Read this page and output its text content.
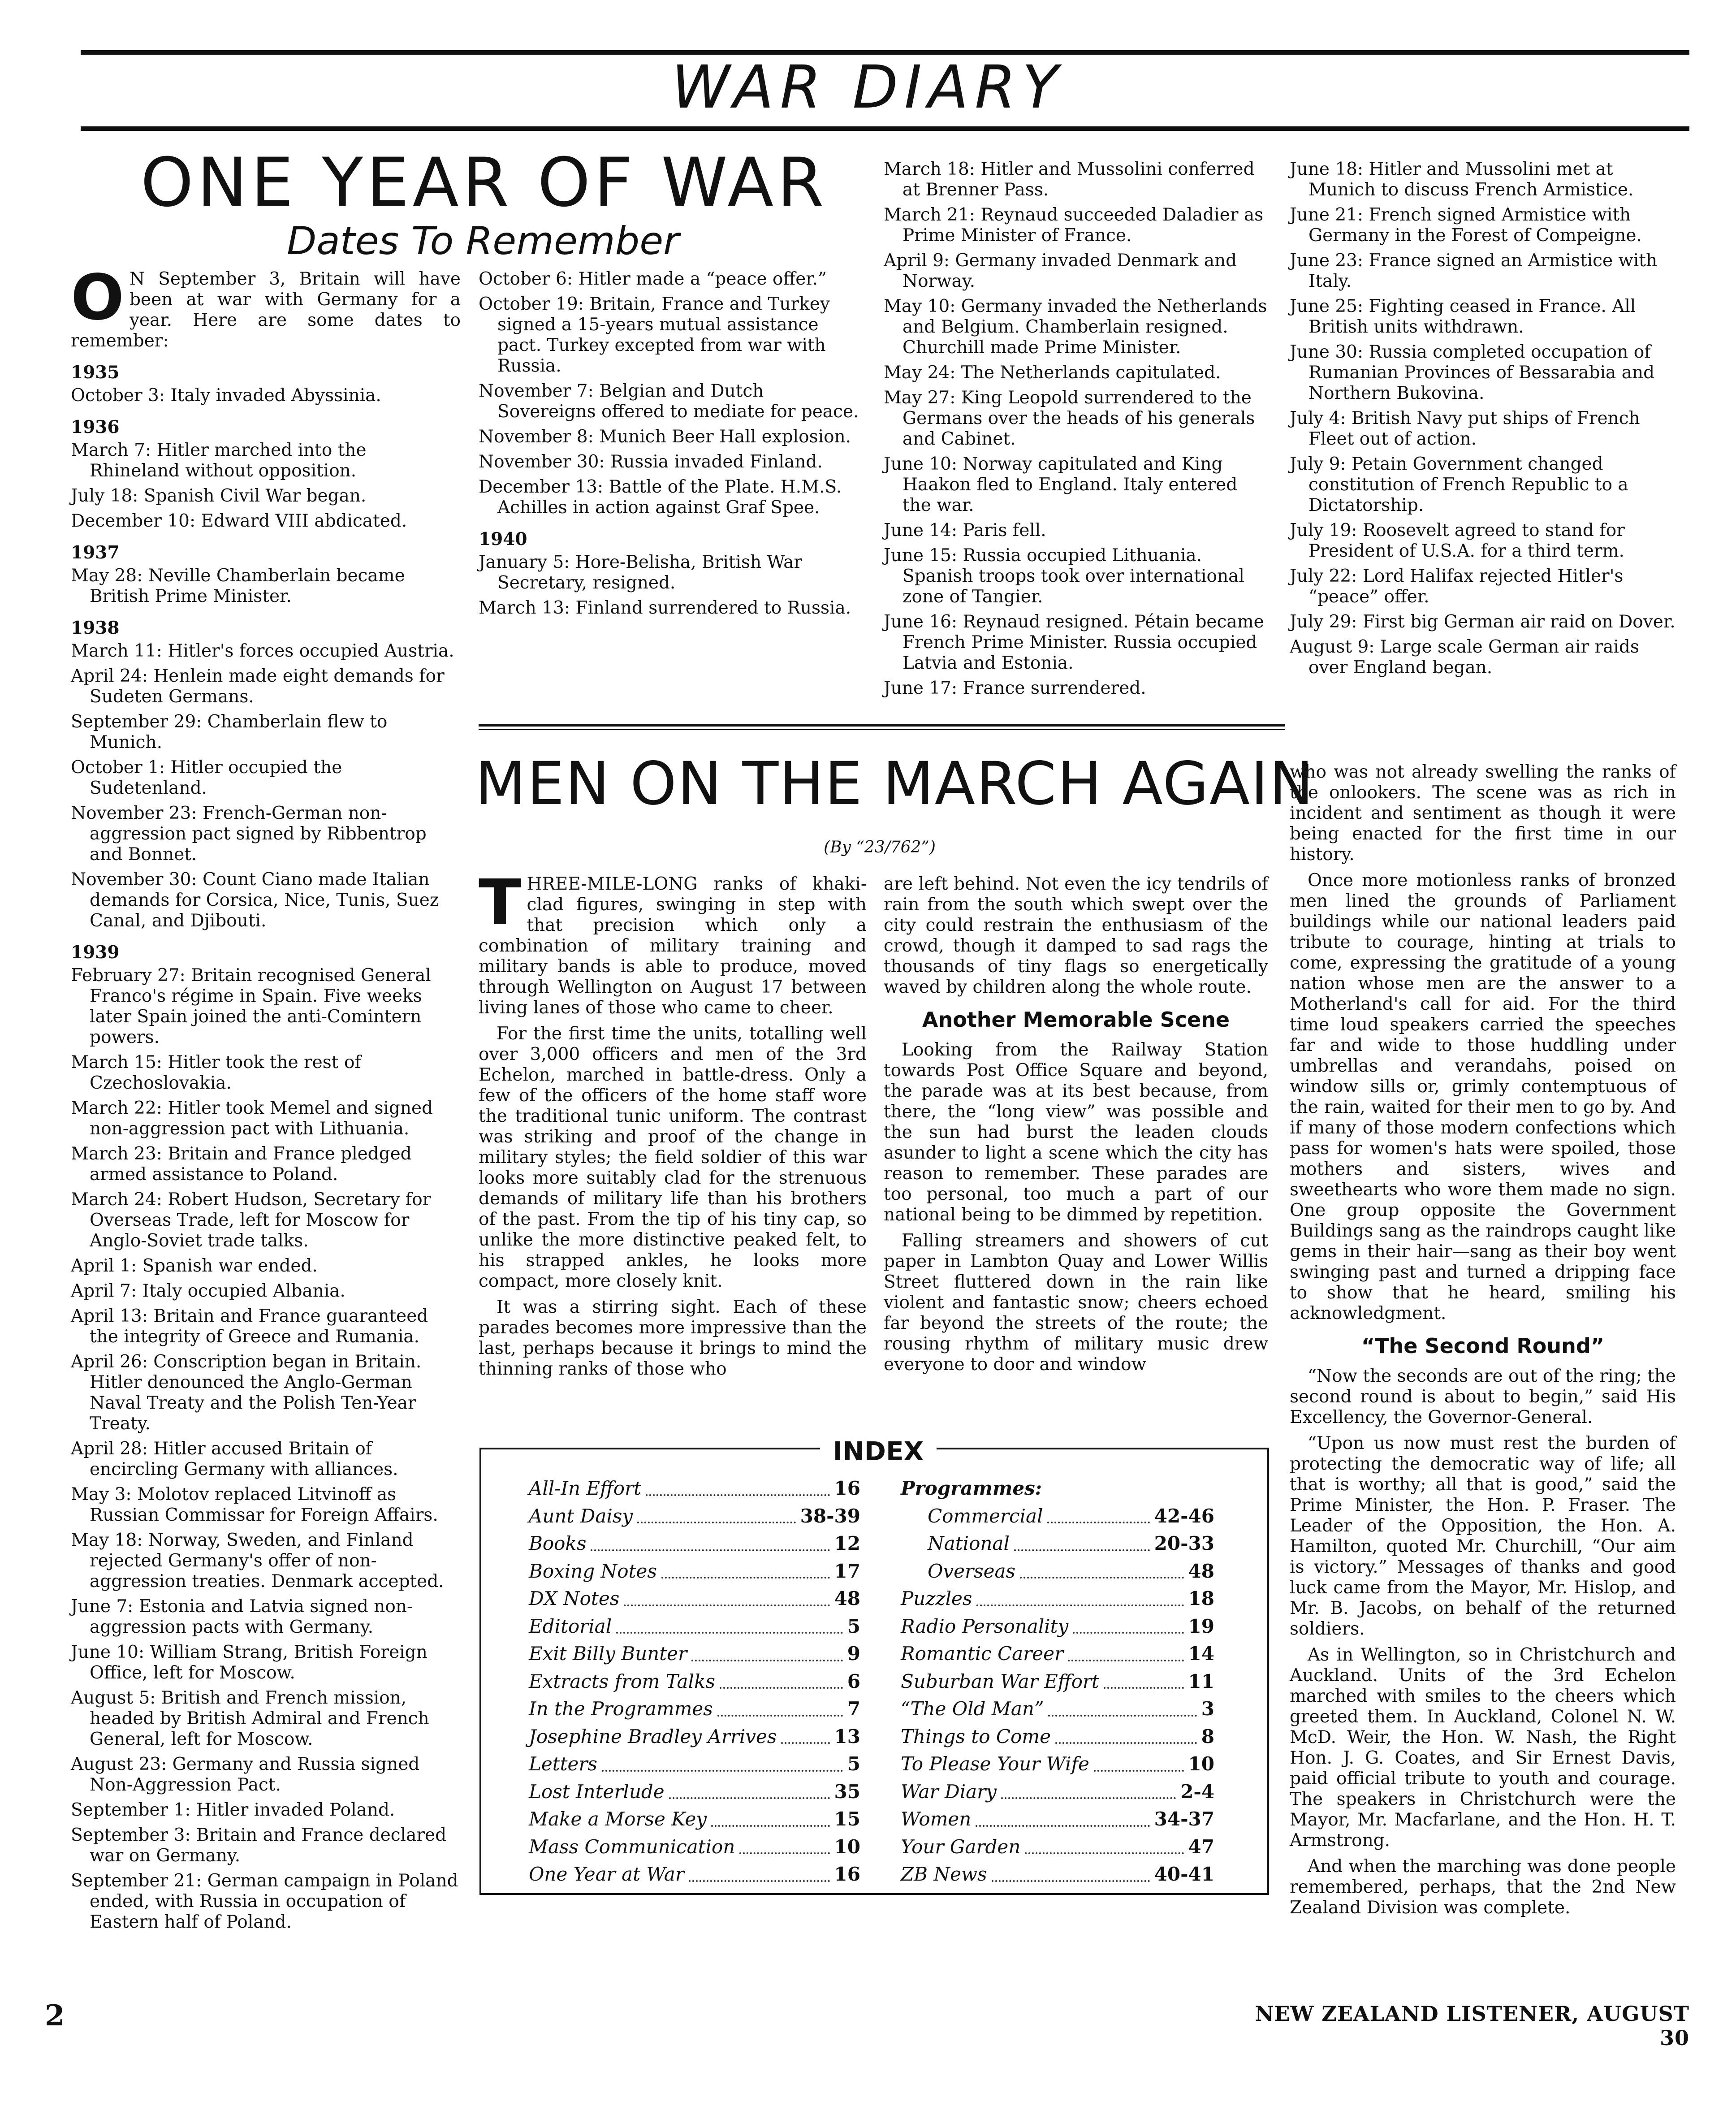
WAR DIARY
ONE YEAR OF WAR
Dates To Remember

O N September 3, Britain will have been at war with Germany for a year. Here are some dates to remember:

1935
October 3: Italy invaded Abyssinia.
1936
March 7: Hitler marched into the Rhineland without opposition.
July 18: Spanish Civil War began.
December 10: Edward VIII abdicated.
1937
May 28: Neville Chamberlain became British Prime Minister.
1938
March 11: Hitler's forces occupied Austria.
April 24: Henlein made eight demands for Sudeten Germans.
September 29: Chamberlain flew to Munich.
October 1: Hitler occupied the Sudetenland.
November 23: French-German non-aggression pact signed by Ribbentrop and Bonnet.
November 30: Count Ciano made Italian demands for Corsica, Nice, Tunis, Suez Canal, and Djibouti.
1939
February 27: Britain recognised General Franco's régime in Spain. Five weeks later Spain joined the anti-Comintern powers.
March 15: Hitler took the rest of Czechoslovakia.
March 22: Hitler took Memel and signed non-aggression pact with Lithuania.
March 23: Britain and France pledged armed assistance to Poland.
March 24: Robert Hudson, Secretary for Overseas Trade, left for Moscow for Anglo-Soviet trade talks.
April 1: Spanish war ended.
April 7: Italy occupied Albania.
April 13: Britain and France guaranteed the integrity of Greece and Rumania.
April 26: Conscription began in Britain. Hitler denounced the Anglo-German Naval Treaty and the Polish Ten-Year Treaty.
April 28: Hitler accused Britain of encircling Germany with alliances.
May 3: Molotov replaced Litvinoff as Russian Commissar for Foreign Affairs.
May 18: Norway, Sweden, and Finland rejected Germany's offer of non-aggression treaties. Denmark accepted.
June 7: Estonia and Latvia signed non-aggression pacts with Germany.
June 10: William Strang, British Foreign Office, left for Moscow.
August 5: British and French mission, headed by British Admiral and French General, left for Moscow.
August 23: Germany and Russia signed Non-Aggression Pact.
September 1: Hitler invaded Poland.
September 3: Britain and France declared war on Germany.
September 21: German campaign in Poland ended, with Russia in occupation of Eastern half of Poland.
October 6: Hitler made a “peace offer.”
October 19: Britain, France and Turkey signed a 15-years mutual assistance pact. Turkey excepted from war with Russia.
November 7: Belgian and Dutch Sovereigns offered to mediate for peace.
November 8: Munich Beer Hall explosion.
November 30: Russia invaded Finland.
December 13: Battle of the Plate. H.M.S. Achilles in action against Graf Spee.
1940
January 5: Hore-Belisha, British War Secretary, resigned.
March 13: Finland surrendered to Russia.
March 18: Hitler and Mussolini conferred at Brenner Pass.
March 21: Reynaud succeeded Daladier as Prime Minister of France.
April 9: Germany invaded Denmark and Norway.
May 10: Germany invaded the Netherlands and Belgium. Chamberlain resigned. Churchill made Prime Minister.
May 24: The Netherlands capitulated.
May 27: King Leopold surrendered to the Germans over the heads of his generals and Cabinet.
June 10: Norway capitulated and King Haakon fled to England. Italy entered the war.
June 14: Paris fell.
June 15: Russia occupied Lithuania. Spanish troops took over international zone of Tangier.
June 16: Reynaud resigned. Pétain became French Prime Minister. Russia occupied Latvia and Estonia.
June 17: France surrendered.
June 18: Hitler and Mussolini met at Munich to discuss French Armistice.
June 21: French signed Armistice with Germany in the Forest of Compeigne.
June 23: France signed an Armistice with Italy.
June 25: Fighting ceased in France. All British units withdrawn.
June 30: Russia completed occupation of Rumanian Provinces of Bessarabia and Northern Bukovina.
July 4: British Navy put ships of French Fleet out of action.
July 9: Petain Government changed constitution of French Republic to a Dictatorship.
July 19: Roosevelt agreed to stand for President of U.S.A. for a third term.
July 22: Lord Halifax rejected Hitler's “peace” offer.
July 29: First big German air raid on Dover.
August 9: Large scale German air raids over England began.
MEN ON THE MARCH AGAIN
(By “23/762”)

T HREE-MILE-LONG ranks of khaki-clad figures, swinging in step with that precision which only a combination of military training and military bands is able to produce, moved through Wellington on August 17 between living lanes of those who came to cheer.

For the first time the units, totalling well over 3,000 officers and men of the 3rd Echelon, marched in battle-dress. Only a few of the officers of the home staff wore the traditional tunic uniform. The contrast was striking and proof of the change in military styles; the field soldier of this war looks more suitably clad for the strenuous demands of military life than his brothers of the past. From the tip of his tiny cap, so unlike the more distinctive peaked felt, to his strapped ankles, he looks more compact, more closely knit.

It was a stirring sight. Each of these parades becomes more impressive than the last, perhaps because it brings to mind the thinning ranks of those who

are left behind. Not even the icy tendrils of rain from the south which swept over the city could restrain the enthusiasm of the crowd, though it damped to sad rags the thousands of tiny flags so energetically waved by children along the whole route.

Another Memorable Scene

Looking from the Railway Station towards Post Office Square and beyond, the parade was at its best because, from there, the “long view” was possible and the sun had burst the leaden clouds asunder to light a scene which the city has reason to remember. These parades are too personal, too much a part of our national being to be dimmed by repetition.

Falling streamers and showers of cut paper in Lambton Quay and Lower Willis Street fluttered down in the rain like violent and fantastic snow; cheers echoed far beyond the streets of the route; the rousing rhythm of military music drew everyone to door and window

who was not already swelling the ranks of the onlookers. The scene was as rich in incident and sentiment as though it were being enacted for the first time in our history.

Once more motionless ranks of bronzed men lined the grounds of Parliament buildings while our national leaders paid tribute to courage, hinting at trials to come, expressing the gratitude of a young nation whose men are the answer to a Motherland's call for aid. For the third time loud speakers carried the speeches far and wide to those huddling under umbrellas and verandahs, poised on window sills or, grimly contemptuous of the rain, waited for their men to go by. And if many of those modern confections which pass for women's hats were spoiled, those mothers and sisters, wives and sweethearts who wore them made no sign. One group opposite the Government Buildings sang as the raindrops caught like gems in their hair—sang as their boy went swinging past and turned a dripping face to show that he heard, smiling his acknowledgment.

“The Second Round”

“Now the seconds are out of the ring; the second round is about to begin,” said His Excellency, the Governor-General.

“Upon us now must rest the burden of protecting the democratic way of life; all that is worthy; all that is good,” said the Prime Minister, the Hon. P. Fraser. The Leader of the Opposition, the Hon. A. Hamilton, quoted Mr. Churchill, “Our aim is victory.” Messages of thanks and good luck came from the Mayor, Mr. Hislop, and Mr. B. Jacobs, on behalf of the returned soldiers.

As in Wellington, so in Christchurch and Auckland. Units of the 3rd Echelon marched with smiles to the cheers which greeted them. In Auckland, Colonel N. W. McD. Weir, the Hon. W. Nash, the Right Hon. J. G. Coates, and Sir Ernest Davis, paid official tribute to youth and courage. The speakers in Christchurch were the Mayor, Mr. Macfarlane, and the Hon. H. T. Armstrong.

And when the marching was done people remembered, perhaps, that the 2nd New Zealand Division was complete.

INDEX
All-In Effort	16
Aunt Daisy	38-39
Books	12
Boxing Notes	17
DX Notes	48
Editorial	5
Exit Billy Bunter	9
Extracts from Talks	6
In the Programmes	7
Josephine Bradley Arrives	13
Letters	5
Lost Interlude	35
Make a Morse Key	15
Mass Communication	10
One Year at War	16
Programmes:
Commercial	42-46
National	20-33
Overseas	48
Puzzles	18
Radio Personality	19
Romantic Career	14
Suburban War Effort	11
“The Old Man”	3
Things to Come	8
To Please Your Wife	10
War Diary	2-4
Women	34-37
Your Garden	47
ZB News	40-41
2	NEW ZEALAND LISTENER, AUGUST 30
